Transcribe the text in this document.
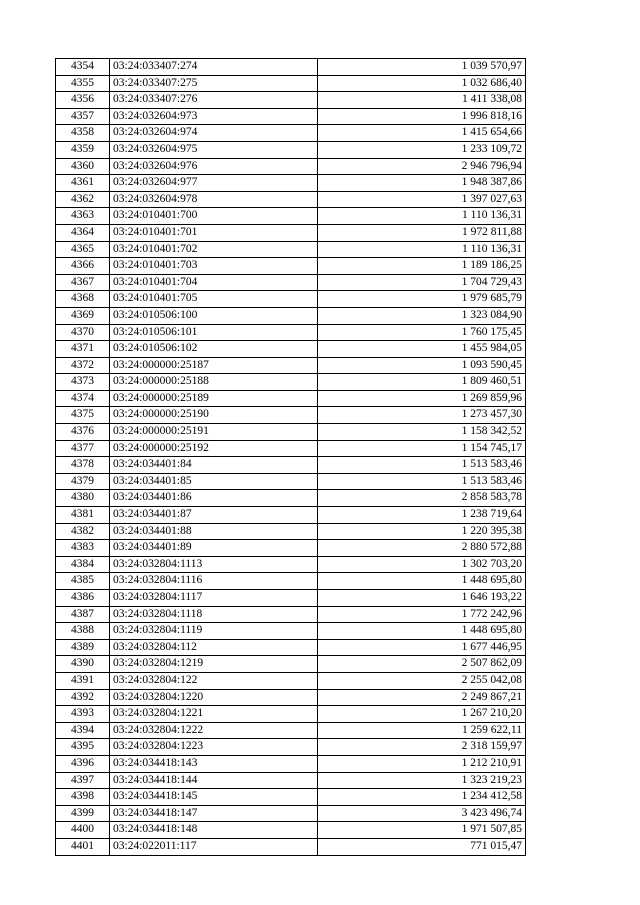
4354	03:24:033407:274	1 039 570,97
4355	03:24:033407:275	1 032 686,40
4356	03:24:033407:276	1 411 338,08
4357	03:24:032604:973	1 996 818,16
4358	03:24:032604:974	1 415 654,66
4359	03:24:032604:975	1 233 109,72
4360	03:24:032604:976	2 946 796,94
4361	03:24:032604:977	1 948 387,86
4362	03:24:032604:978	1 397 027,63
4363	03:24:010401:700	1 110 136,31
4364	03:24:010401:701	1 972 811,88
4365	03:24:010401:702	1 110 136,31
4366	03:24:010401:703	1 189 186,25
4367	03:24:010401:704	1 704 729,43
4368	03:24:010401:705	1 979 685,79
4369	03:24:010506:100	1 323 084,90
4370	03:24:010506:101	1 760 175,45
4371	03:24:010506:102	1 455 984,05
4372	03:24:000000:25187	1 093 590,45
4373	03:24:000000:25188	1 809 460,51
4374	03:24:000000:25189	1 269 859,96
4375	03:24:000000:25190	1 273 457,30
4376	03:24:000000:25191	1 158 342,52
4377	03:24:000000:25192	1 154 745,17
4378	03:24:034401:84	1 513 583,46
4379	03:24:034401:85	1 513 583,46
4380	03:24:034401:86	2 858 583,78
4381	03:24:034401:87	1 238 719,64
4382	03:24:034401:88	1 220 395,38
4383	03:24:034401:89	2 880 572,88
4384	03:24:032804:1113	1 302 703,20
4385	03:24:032804:1116	1 448 695,80
4386	03:24:032804:1117	1 646 193,22
4387	03:24:032804:1118	1 772 242,96
4388	03:24:032804:1119	1 448 695,80
4389	03:24:032804:112	1 677 446,95
4390	03:24:032804:1219	2 507 862,09
4391	03:24:032804:122	2 255 042,08
4392	03:24:032804:1220	2 249 867,21
4393	03:24:032804:1221	1 267 210,20
4394	03:24:032804:1222	1 259 622,11
4395	03:24:032804:1223	2 318 159,97
4396	03:24:034418:143	1 212 210,91
4397	03:24:034418:144	1 323 219,23
4398	03:24:034418:145	1 234 412,58
4399	03:24:034418:147	3 423 496,74
4400	03:24:034418:148	1 971 507,85
4401	03:24:022011:117	771 015,47
